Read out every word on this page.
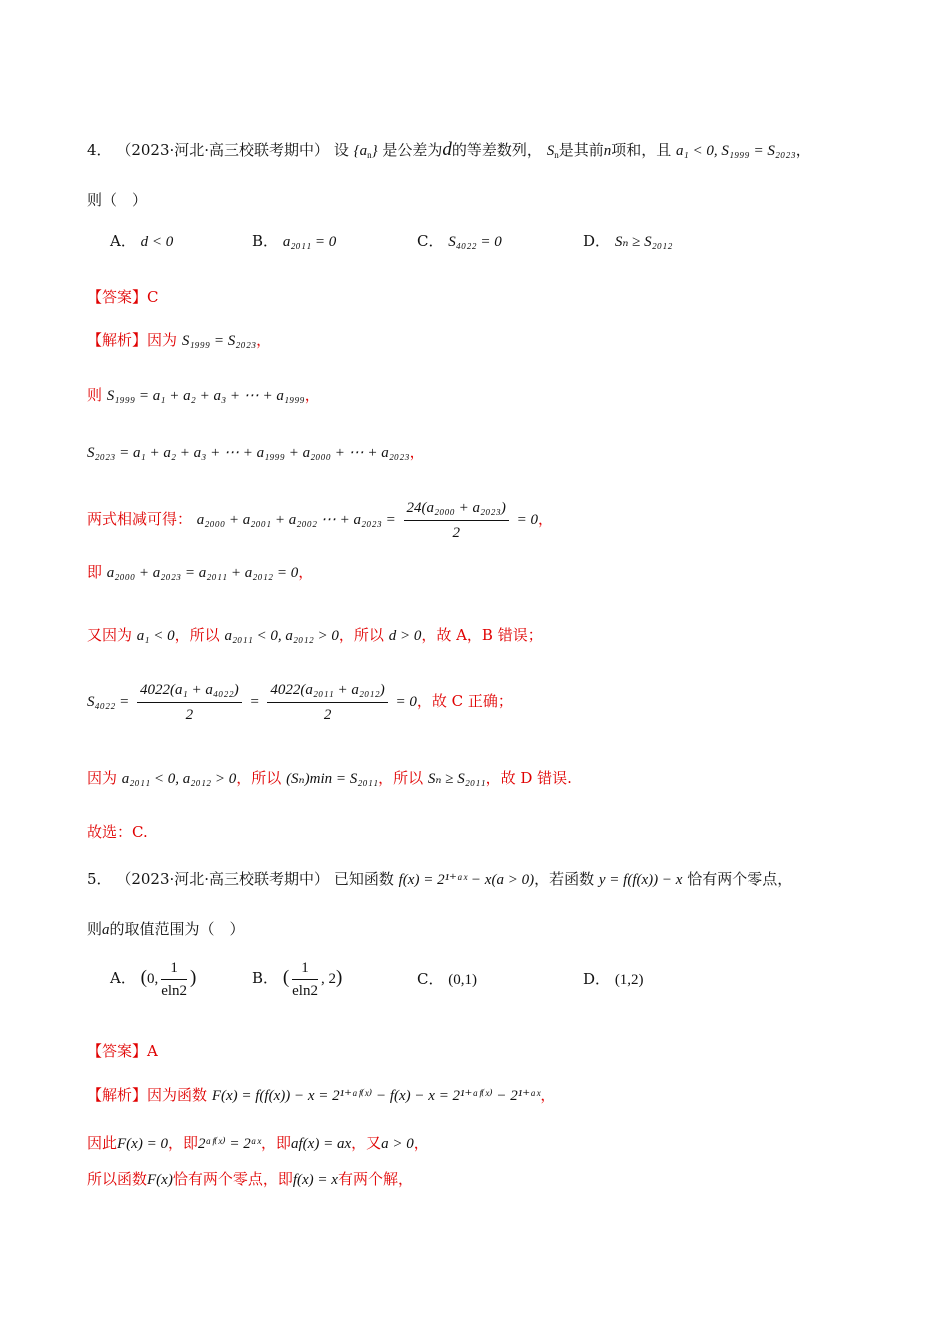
4． （2023·河北·高三校联考期中） 设 $\{a_n\}$ 是公差为d的等差数列， $S_n$是其前n项和，且 a₁ < 0, S₁₉₉₉ = S₂₀₂₃，
则（　）
A． d < 0	B． a₂₀₁₁ = 0	C． S₄₀₂₂ = 0	D． Sₙ ≥ S₂₀₁₂
【答案】C
【解析】因为 S₁₉₉₉ = S₂₀₂₃，
则 S₁₉₉₉ = a₁ + a₂ + a₃ + ⋯ + a₁₉₉₉，
S₂₀₂₃ = a₁ + a₂ + a₃ + ⋯ + a₁₉₉₉ + a₂₀₀₀ + ⋯ + a₂₀₂₃，
两式相减可得： a₂₀₀₀ + a₂₀₀₁ + a₂₀₀₂ ⋯ + $a_{2023} = \frac{\text{24(a₂₀₀₀ + a₂₀₂₃)}}{2} = 0$，
即 a₂₀₀₀ + a₂₀₂₃ = a₂₀₁₁ + a₂₀₁₂ = 0，
又因为 a₁ < 0，所以 a₂₀₁₁ < 0, a₂₀₁₂ > 0，所以 d > 0，故 A，B 错误；
$S_{4022} = \frac{\text{4022(a₁ + a₄₀₂₂)}}{2} = \frac{\text{4022(a₂₀₁₁ + a₂₀₁₂)}}{2} = 0$，故 C 正确；
因为 a₂₀₁₁ < 0, a₂₀₁₂ > 0，所以 (Sₙ)min = S₂₀₁₁，所以 Sₙ ≥ S₂₀₁₁，故 D 错误.
故选：C.
5． （2023·河北·高三校联考期中） 已知函数 f(x) = 2¹⁺ᵃˣ − x(a > 0)，若函数 y = f(f(x)) − x 恰有两个零点，
则a的取值范围为（　）
A． (0, $\frac{1}{eln2}$ )	B． ( $\frac{1}{eln2}$ , 2)	C． (0,1)	D． (1,2)
【答案】A
【解析】因为函数 F(x) = f(f(x)) − x = 2¹⁺ᵃᶠ⁽ˣ⁾ − f(x) − x = 2¹⁺ᵃᶠ⁽ˣ⁾ − 2¹⁺ᵃˣ，
因此F(x) = 0，即2ᵃᶠ⁽ˣ⁾ = 2ᵃˣ，即af(x) = ax，又a > 0，
所以函数F(x)恰有两个零点，即f(x) = x有两个解，
